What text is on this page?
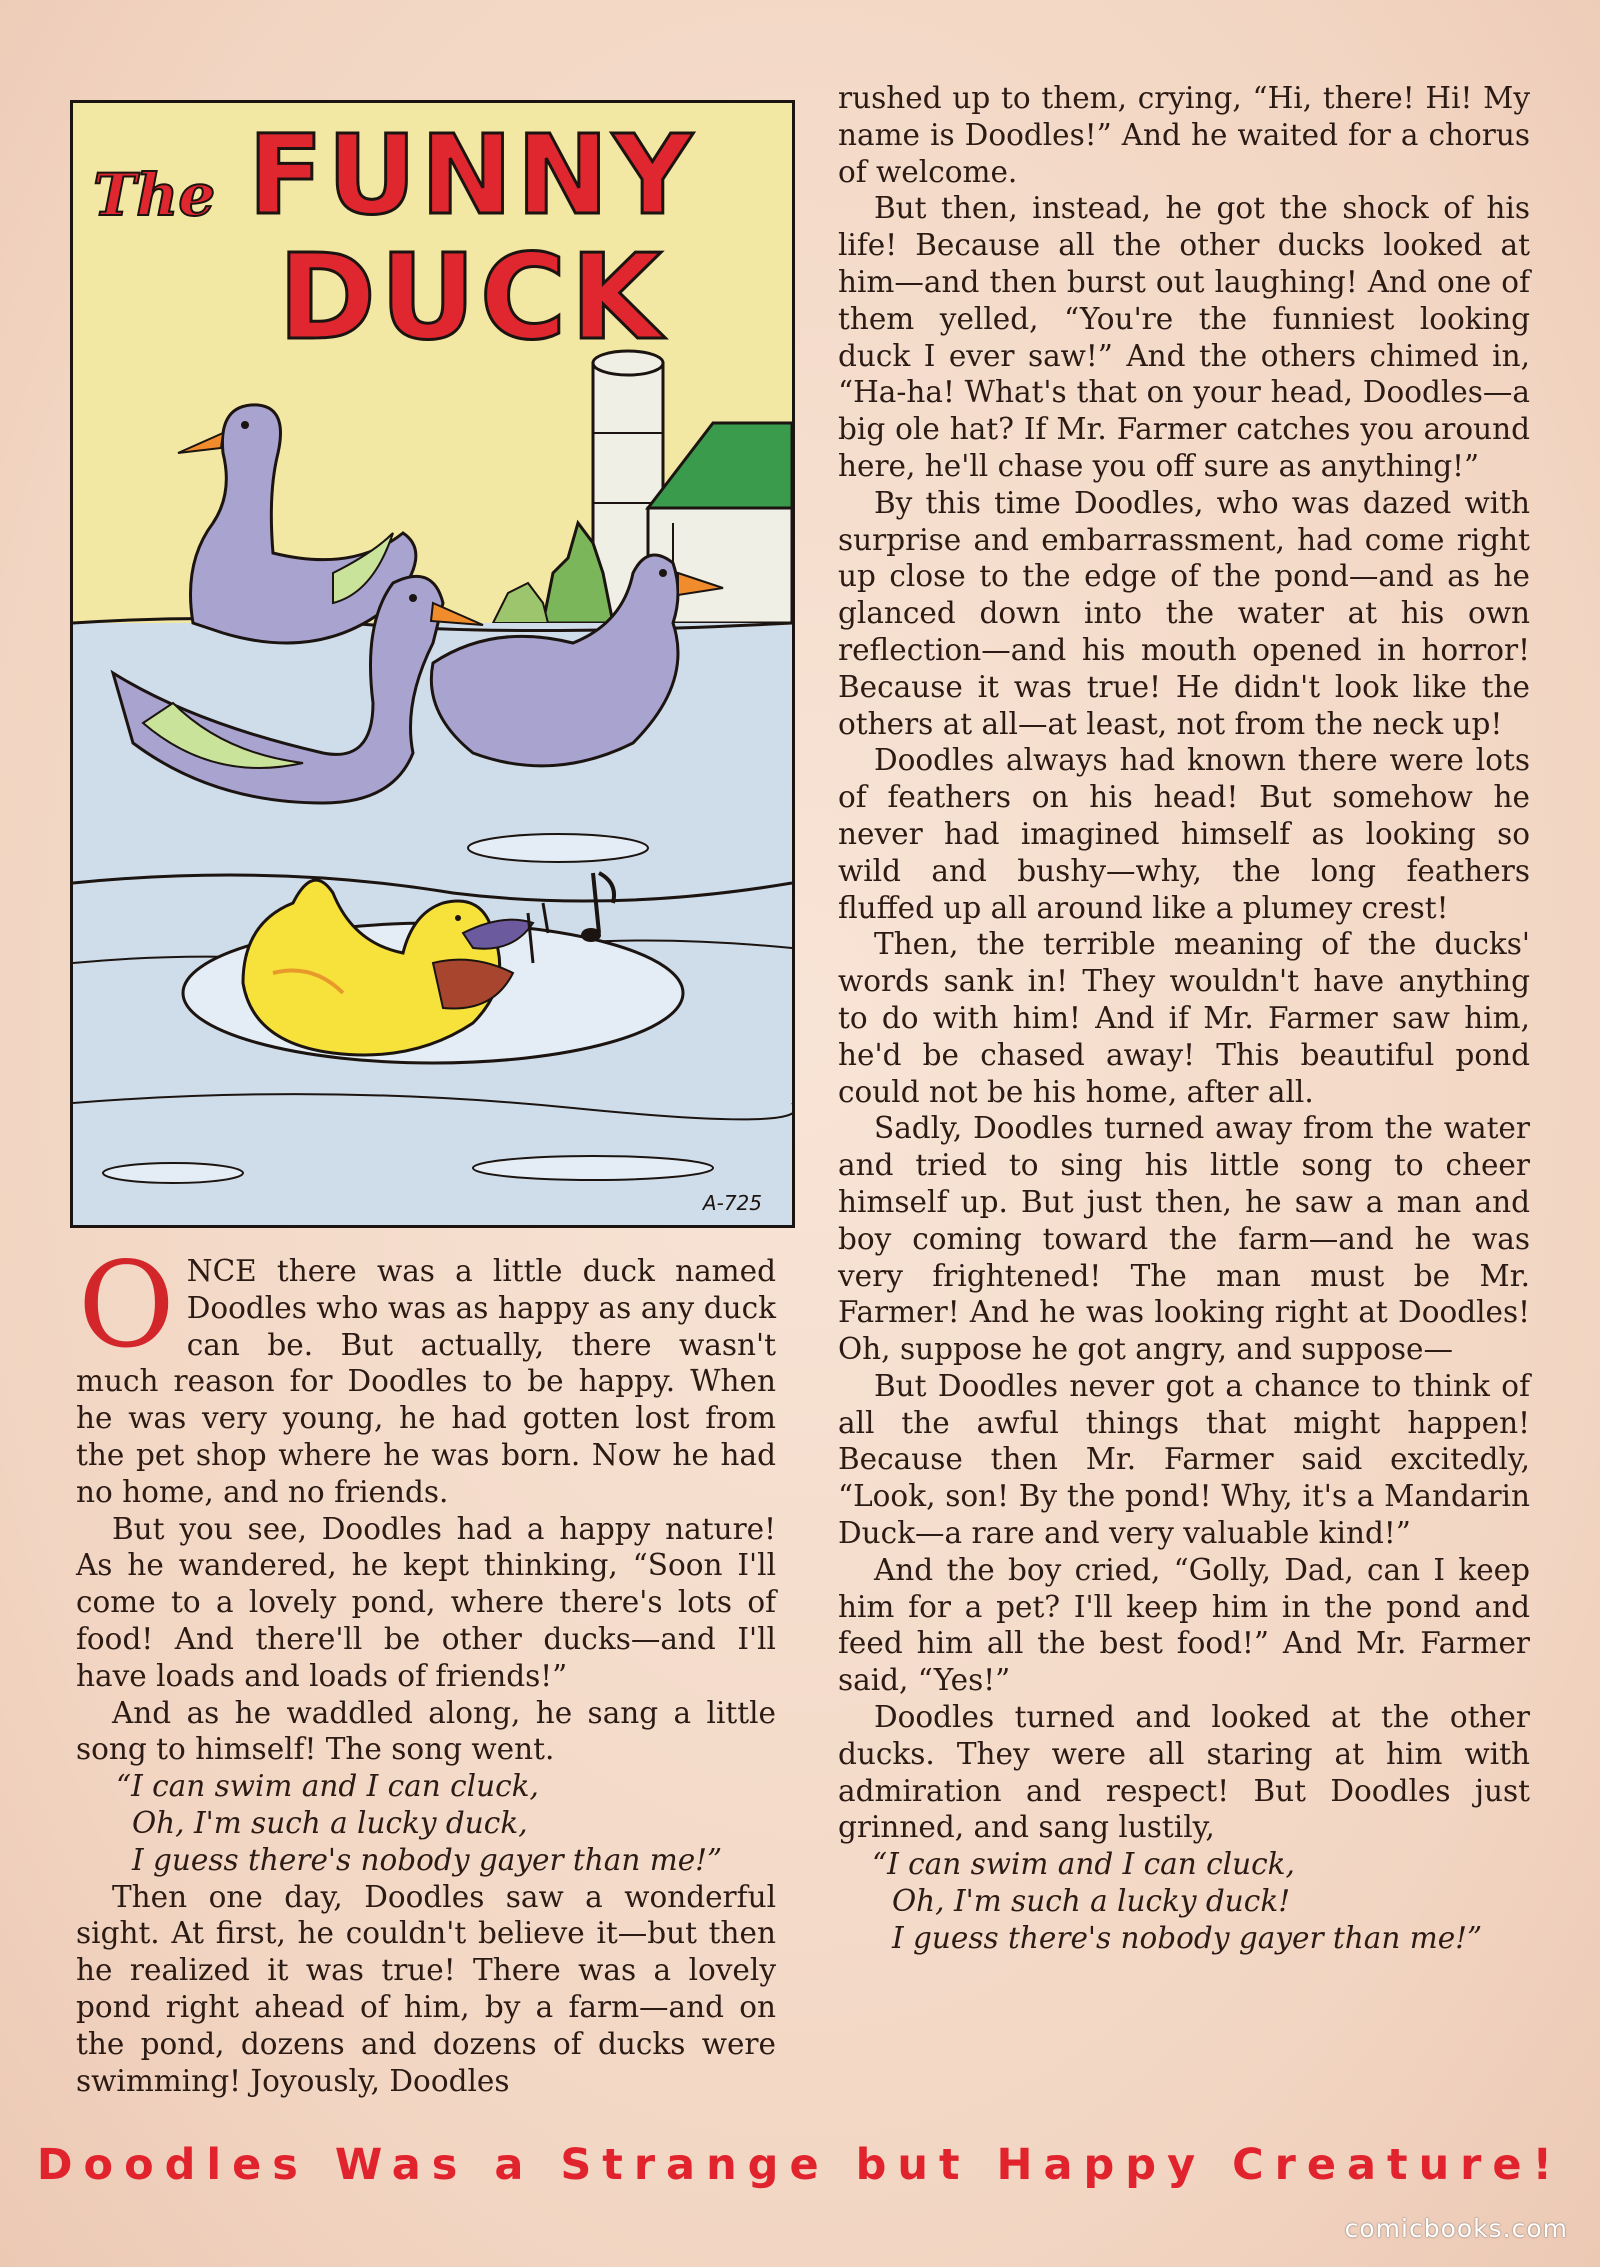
The FUNNY
DUCK
A-725

ONCE there was a little duck named Doodles who was as happy as any duck can be. But actually, there wasn't much reason for Doodles to be happy. When he was very young, he had gotten lost from the pet shop where he was born. Now he had no home, and no friends.

But you see, Doodles had a happy nature! As he wandered, he kept thinking, “Soon I'll come to a lovely pond, where there's lots of food! And there'll be other ducks—and I'll have loads and loads of friends!”

And as he waddled along, he sang a little song to himself! The song went.

“I can swim and I can cluck,
Oh, I'm such a lucky duck,
I guess there's nobody gayer than me!”

Then one day, Doodles saw a wonderful sight. At first, he couldn't believe it—but then he realized it was true! There was a lovely pond right ahead of him, by a farm—and on the pond, dozens and dozens of ducks were swimming! Joyously, Doodles

rushed up to them, crying, “Hi, there! Hi! My name is Doodles!” And he waited for a chorus of welcome.

But then, instead, he got the shock of his life! Because all the other ducks looked at him—and then burst out laughing! And one of them yelled, “You're the funniest looking duck I ever saw!” And the others chimed in, “Ha-ha! What's that on your head, Doodles—a big ole hat? If Mr. Farmer catches you around here, he'll chase you off sure as anything!”

By this time Doodles, who was dazed with surprise and embarrassment, had come right up close to the edge of the pond—and as he glanced down into the water at his own reflection—and his mouth opened in horror! Because it was true! He didn't look like the others at all—at least, not from the neck up!

Doodles always had known there were lots of feathers on his head! But somehow he never had imagined himself as looking so wild and bushy—why, the long feathers fluffed up all around like a plumey crest!

Then, the terrible meaning of the ducks' words sank in! They wouldn't have anything to do with him! And if Mr. Farmer saw him, he'd be chased away! This beautiful pond could not be his home, after all.

Sadly, Doodles turned away from the water and tried to sing his little song to cheer himself up. But just then, he saw a man and boy coming toward the farm—and he was very frightened! The man must be Mr. Farmer! And he was looking right at Doodles! Oh, suppose he got angry, and suppose—

But Doodles never got a chance to think of all the awful things that might happen! Because then Mr. Farmer said excitedly, “Look, son! By the pond! Why, it's a Mandarin Duck—a rare and very valuable kind!”

And the boy cried, “Golly, Dad, can I keep him for a pet? I'll keep him in the pond and feed him all the best food!” And Mr. Farmer said, “Yes!”

Doodles turned and looked at the other ducks. They were all staring at him with admiration and respect! But Doodles just grinned, and sang lustily,

“I can swim and I can cluck,
Oh, I'm such a lucky duck!
I guess there's nobody gayer than me!”
Doodles Was a Strange but Happy Creature!
comicbooks.com
